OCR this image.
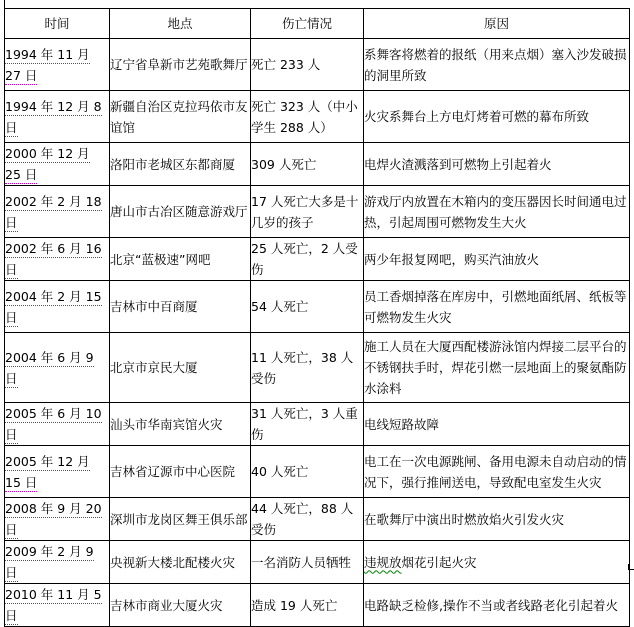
时间	地点	伤亡情况	原因
1994 年 11 月 27 日	辽宁省阜新市艺苑歌舞厅	死亡 233 人	系舞客将燃着的报纸（用来点烟）塞入沙发破损的洞里所致
1994 年 12 月 8 日	新疆自治区克拉玛依市友谊馆	死亡 323 人（中小学生 288 人）	火灾系舞台上方电灯烤着可燃的幕布所致
2000 年 12 月 25 日	洛阳市老城区东都商厦	309 人死亡	电焊火渣溅落到可燃物上引起着火
2002 年 2 月 18 日	唐山市古冶区随意游戏厅	17 人死亡大多是十几岁的孩子	游戏厅内放置在木箱内的变压器因长时间通电过热，引起周围可燃物发生大火
2002 年 6 月 16 日	北京“蓝极速”网吧	25 人死亡，2 人受伤	两少年报复网吧，购买汽油放火
2004 年 2 月 15 日	吉林市中百商厦	54 人死亡	员工香烟掉落在库房中，引燃地面纸屑、纸板等可燃物发生火灾
2004 年 6 月 9 日	北京市京民大厦	11 人死亡，38 人受伤	施工人员在大厦西配楼游泳馆内焊接二层平台的不锈钢扶手时，焊花引燃一层地面上的聚氨酯防水涂料
2005 年 6 月 10 日	汕头市华南宾馆火灾	31 人死亡，3 人重伤	电线短路故障
2005 年 12 月 15 日	吉林省辽源市中心医院	40 人死亡	电工在一次电源跳闸、备用电源未自动启动的情况下，强行推闸送电，导致配电室发生火灾
2008 年 9 月 20 日	深圳市龙岗区舞王俱乐部	44 人死亡，88 人受伤	在歌舞厅中演出时燃放焰火引发火灾
2009 年 2 月 9 日	央视新大楼北配楼火灾	一名消防人员牺牲	违规放烟花引起火灾
2010 年 11 月 5 日	吉林市商业大厦火灾	造成 19 人死亡	电路缺乏检修,操作不当或者线路老化引起着火
